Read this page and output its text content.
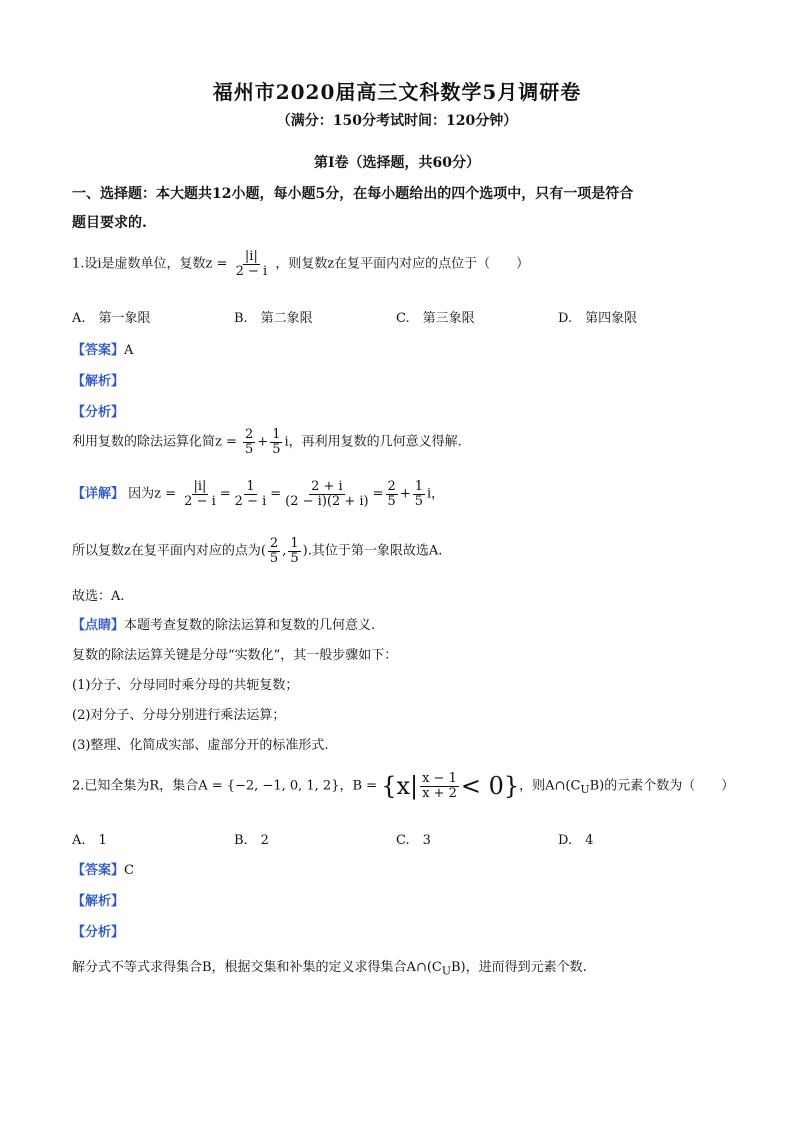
福州市2020届高三文科数学5月调研卷
（满分：150分考试时间：120分钟）
第Ⅰ卷（选择题，共60分）
一、选择题：本大题共12小题，每小题5分，在每小题给出的四个选项中，只有一项是符合
题目要求的.
1.设i是虚数单位，复数$z = \frac{|i|}{2 - i}$ ，则复数z在复平面内对应的点位于（　　）
A.　第一象限	B.　第二象限	C.　第三象限	D.　第四象限
【答案】A
【解析】
【分析】
利用复数的除法运算化简$z = \frac{2}{5} + \frac{1}{5}$ i，再利用复数的几何意义得解.
【详解】 因为$z = \frac{|i|}{2 - i} = \frac{1}{2 - i} = \frac{2 + i}{(2 - i)(2 + i)} = \frac{2}{5} + \frac{1}{5}$ i，
所以复数z在复平面内对应的点为( $\frac{2}{5}$ , $\frac{1}{5}$ ).其位于第一象限故选A.
故选：A.
【点睛】本题考查复数的除法运算和复数的几何意义.
复数的除法运算关键是分母“实数化”，其一般步骤如下：
(1)分子、分母同时乘分母的共轭复数；
(2)对分子、分母分别进行乘法运算；
(3)整理、化简成实部、虚部分开的标准形式.
2.已知全集为R，集合A = {−2, −1, 0, 1, 2}，$B = \{x| \frac{x - 1}{x + 2} < 0\}$，则$A\cap(C_UB)$的元素个数为（　　）
A.　1	B.　2	C.　3	D.　4
【答案】C
【解析】
【分析】
解分式不等式求得集合B，根据交集和补集的定义求得集合$A\cap(C_UB)$，进而得到元素个数.
